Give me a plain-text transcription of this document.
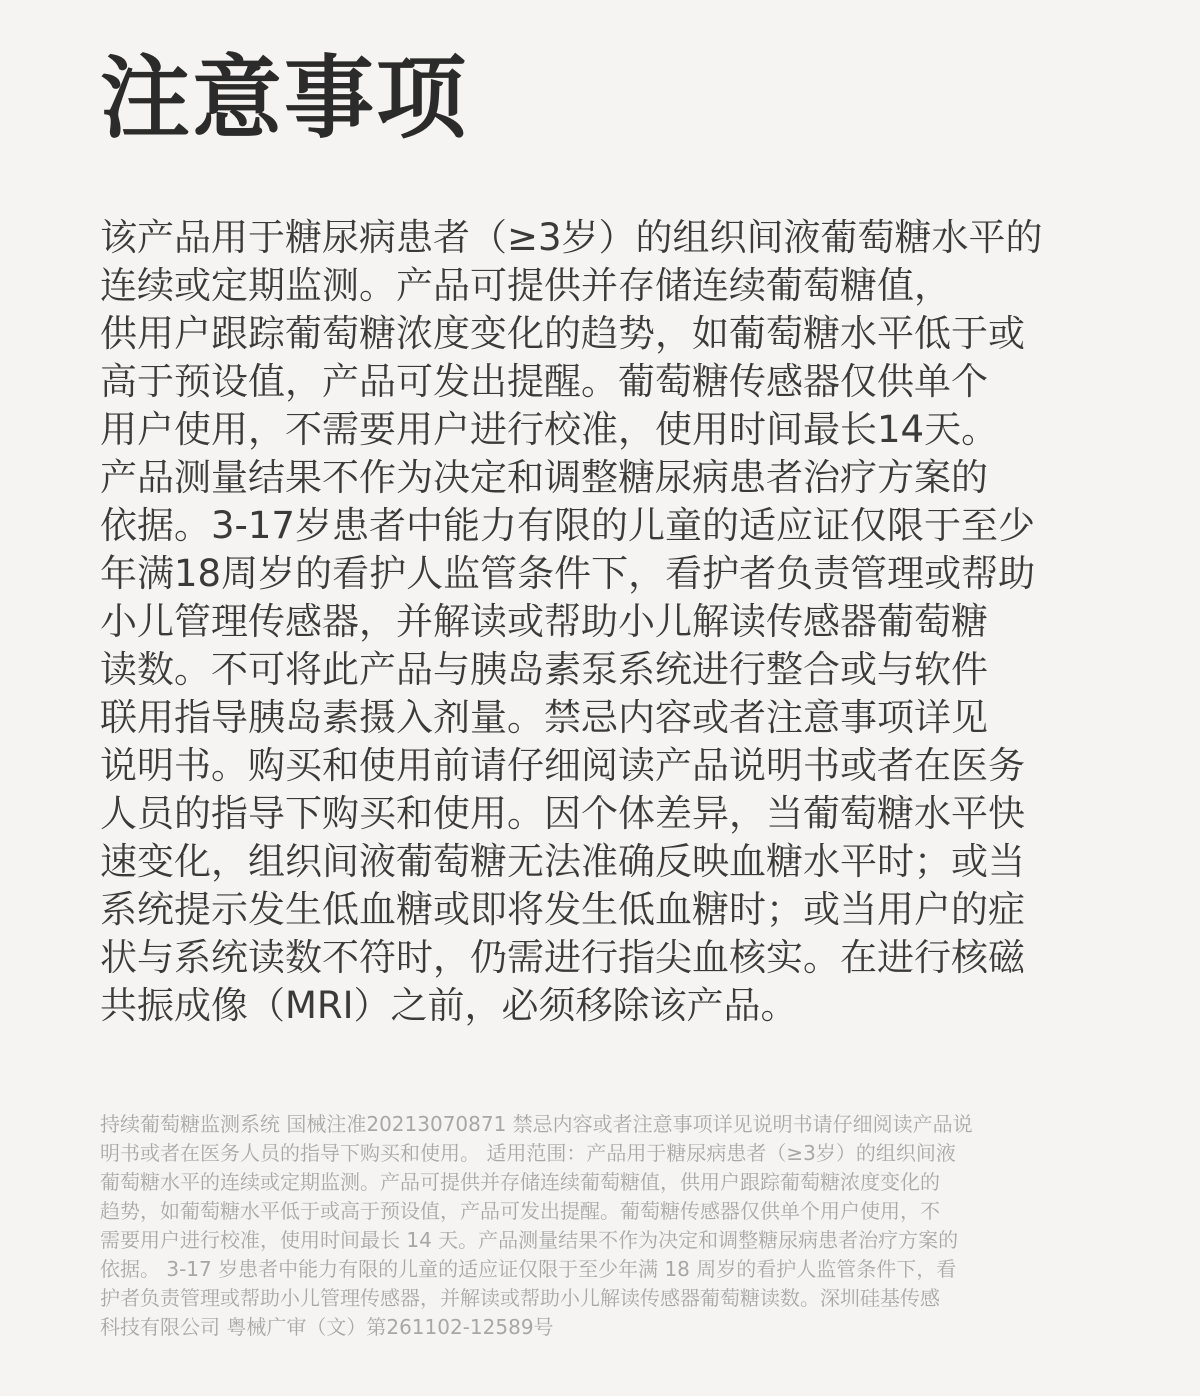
注意事项
该产品用于糖尿病患者（≥3岁）的组织间液葡萄糖水平的
连续或定期监测。产品可提供并存储连续葡萄糖值，
供用户跟踪葡萄糖浓度变化的趋势，如葡萄糖水平低于或
高于预设值，产品可发出提醒。葡萄糖传感器仅供单个
用户使用，不需要用户进行校准，使用时间最长14天。
产品测量结果不作为决定和调整糖尿病患者治疗方案的
依据。3-17岁患者中能力有限的儿童的适应证仅限于至少
年满18周岁的看护人监管条件下，看护者负责管理或帮助
小儿管理传感器，并解读或帮助小儿解读传感器葡萄糖
读数。不可将此产品与胰岛素泵系统进行整合或与软件
联用指导胰岛素摄入剂量。禁忌内容或者注意事项详见
说明书。购买和使用前请仔细阅读产品说明书或者在医务
人员的指导下购买和使用。因个体差异，当葡萄糖水平快
速变化，组织间液葡萄糖无法准确反映血糖水平时；或当
系统提示发生低血糖或即将发生低血糖时；或当用户的症
状与系统读数不符时，仍需进行指尖血核实。在进行核磁
共振成像（MRI）之前，必须移除该产品。
持续葡萄糖监测系统 国械注准20213070871 禁忌内容或者注意事项详见说明书请仔细阅读产品说
明书或者在医务人员的指导下购买和使用。 适用范围：产品用于糖尿病患者（≥3岁）的组织间液
葡萄糖水平的连续或定期监测。产品可提供并存储连续葡萄糖值，供用户跟踪葡萄糖浓度变化的
趋势，如葡萄糖水平低于或高于预设值，产品可发出提醒。葡萄糖传感器仅供单个用户使用，不
需要用户进行校准，使用时间最长 14 天。产品测量结果不作为决定和调整糖尿病患者治疗方案的
依据。 3-17 岁患者中能力有限的儿童的适应证仅限于至少年满 18 周岁的看护人监管条件下，看
护者负责管理或帮助小儿管理传感器，并解读或帮助小儿解读传感器葡萄糖读数。深圳硅基传感
科技有限公司 粤械广审（文）第261102-12589号
